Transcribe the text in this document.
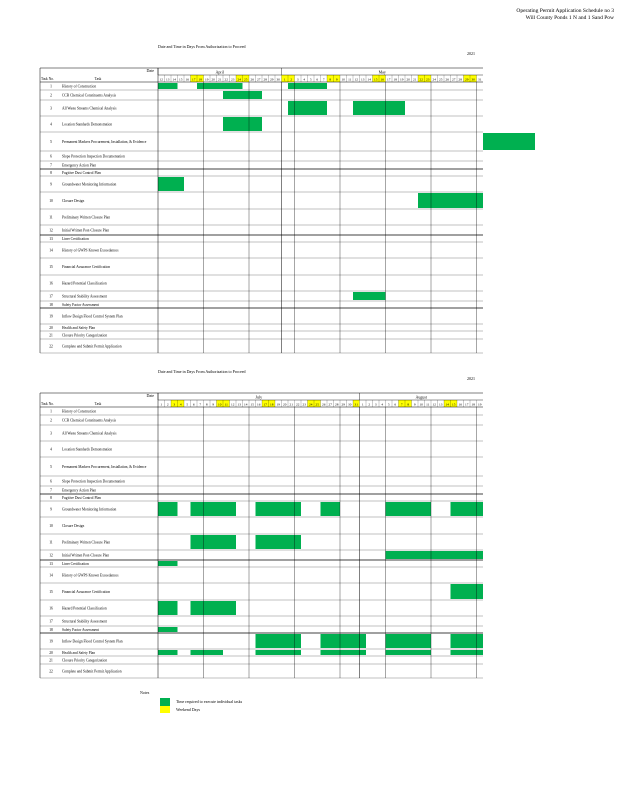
Operating Permit Application Schedule no 3
Will County Ponds 1 N and 1 Sand Pow
Date and Time in Days From Authorization to Proceed
2021
Date
Task No.	Task
April	May
12 13 14 15 16 17 18 19 20 21 22 23 24 25 26 27 28 29 30 1 2 3 4 5 6 7 8 9 10 11 12 13 14 15 16 17 18 19 20 21 22 23 24 25 26 27 28 29 30 31
1	History of Construction
2	CCR Chemical Constituents Analysis
3	All Waste Streams Chemical Analysis
4	Location Standards Demonstration
5	Permanent Markers Procurement, Installation, & Evidence
6	Slope Protection Inspection Documentation
7	Emergency Action Plan
8	Fugitive Dust Control Plan
9	Groundwater Monitoring Information
10	Closure Design
11	Preliminary Written Closure Plan
12	Initial Written Post-Closure Plan
13	Liner Certification
14	History of GWPS Known Exceedances
15	Financial Assurance Certification
16	Hazard Potential Classification
17	Structural Stability Assessment
18	Safety Factor Assessment
19	Inflow Design Flood Control System Plan
20	Health and Safety Plan
21	Closure Priority Categorization
22	Complete and Submit Permit Application
Date and Time in Days From Authorization to Proceed
2021
Date
Task No.	Task
July	August
1 2 3 4 5 6 7 8 9 10 11 12 13 14 15 16 17 18 19 20 21 22 23 24 25 26 27 28 29 30 31 1 2 3 4 5 6 7 8 9 10 11 12 13 14 15 16 17 18 19
1	History of Construction
2	CCR Chemical Constituents Analysis
3	All Waste Streams Chemical Analysis
4	Location Standards Demonstration
5	Permanent Markers Procurement, Installation, & Evidence
6	Slope Protection Inspection Documentation
7	Emergency Action Plan
8	Fugitive Dust Control Plan
9	Groundwater Monitoring Information
10	Closure Design
11	Preliminary Written Closure Plan
12	Initial Written Post-Closure Plan
13	Liner Certification
14	History of GWPS Known Exceedances
15	Financial Assurance Certification
16	Hazard Potential Classification
17	Structural Stability Assessment
18	Safety Factor Assessment
19	Inflow Design Flood Control System Plan
20	Health and Safety Plan
21	Closure Priority Categorization
22	Complete and Submit Permit Application
Notes
Time required to execute individual tasks
Weekend Days
